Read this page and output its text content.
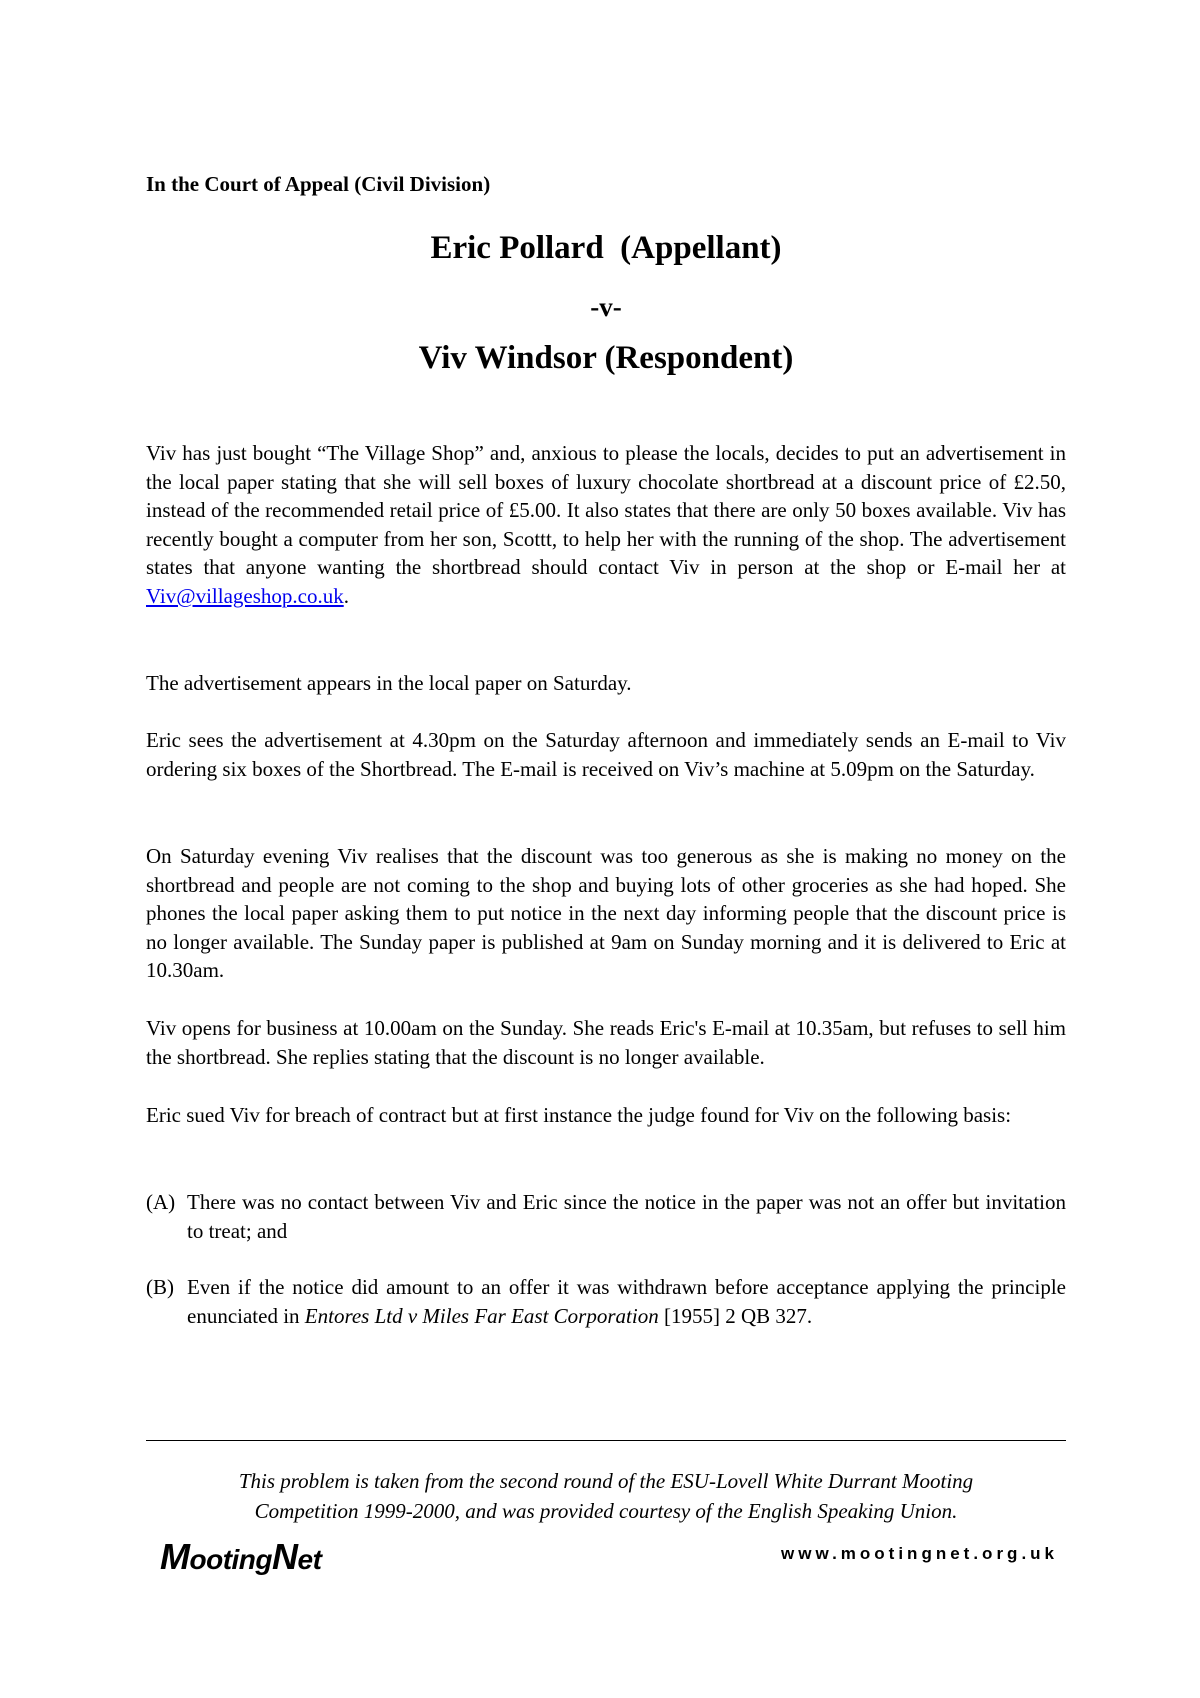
In the Court of Appeal (Civil Division)

Eric Pollard  (Appellant)

-v-

Viv Windsor (Respondent)

Viv has just bought “The Village Shop” and, anxious to please the locals, decides to put an advertisement in the local paper stating that she will sell boxes of luxury chocolate shortbread at a discount price of £2.50, instead of the recommended retail price of £5.00. It also states that there are only 50 boxes available. Viv has recently bought a computer from her son, Scottt, to help her with the running of the shop. The advertisement states that anyone wanting the shortbread should contact Viv in person at the shop or E-mail her at Viv@villageshop.co.uk.

The advertisement appears in the local paper on Saturday.

Eric sees the advertisement at 4.30pm on the Saturday afternoon and immediately sends an E-mail to Viv ordering six boxes of the Shortbread. The E-mail is received on Viv’s machine at 5.09pm on the Saturday.

On Saturday evening Viv realises that the discount was too generous as she is making no money on the shortbread and people are not coming to the shop and buying lots of other groceries as she had hoped. She phones the local paper asking them to put notice in the next day informing people that the discount price is no longer available. The Sunday paper is published at 9am on Sunday morning and it is delivered to Eric at 10.30am.

Viv opens for business at 10.00am on the Sunday. She reads Eric's E-mail at 10.35am, but refuses to sell him the shortbread. She replies stating that the discount is no longer available.

Eric sued Viv for breach of contract but at first instance the judge found for Viv on the following basis:

(A) There was no contact between Viv and Eric since the notice in the paper was not an offer but invitation to treat; and
(B) Even if the notice did amount to an offer it was withdrawn before acceptance applying the principle enunciated in Entores Ltd v Miles Far East Corporation [1955] 2 QB 327.

This problem is taken from the second round of the ESU-Lovell White Durrant Mooting
Competition 1999-2000, and was provided courtesy of the English Speaking Union.

MootingNet	www.mootingnet.org.uk
